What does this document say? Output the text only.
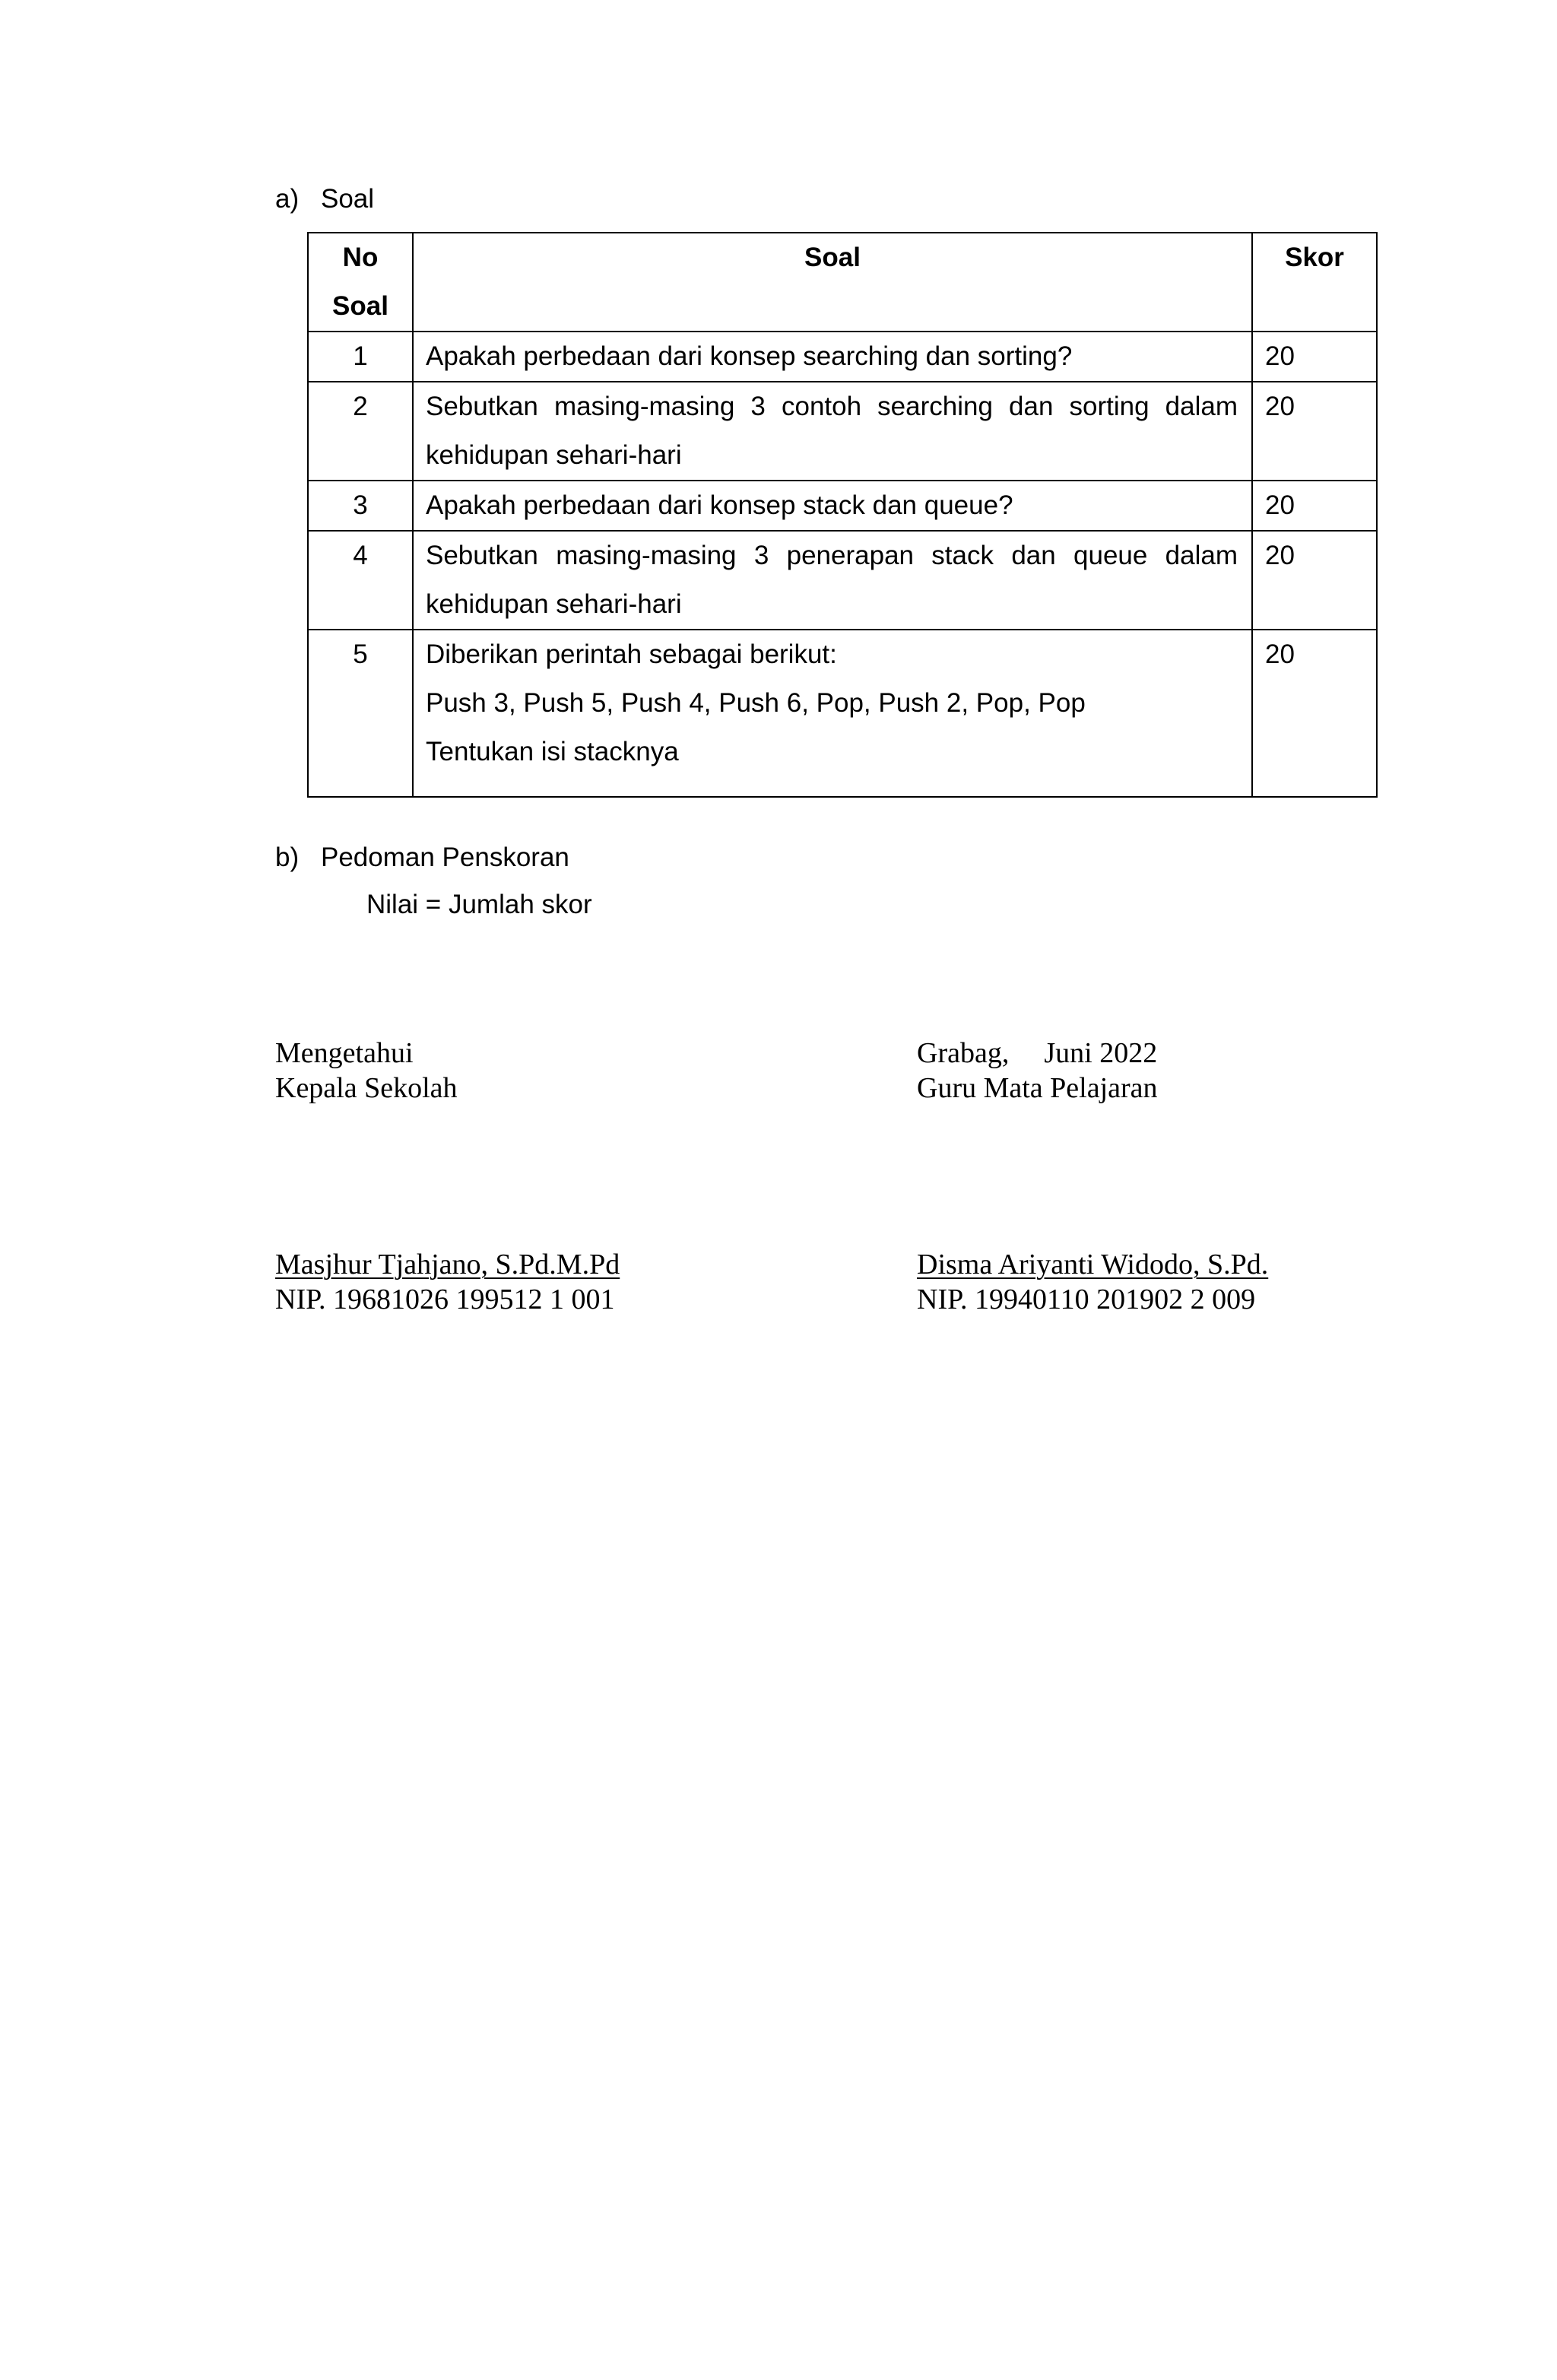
a) Soal
No
Soal	Soal	Skor
1	Apakah perbedaan dari konsep searching dan sorting?	20
2	Sebutkan masing-masing 3 contoh searching dan sorting dalam kehidupan sehari-hari	20
3	Apakah perbedaan dari konsep stack dan queue?	20
4	Sebutkan masing-masing 3 penerapan stack dan queue dalam kehidupan sehari-hari	20
5	Diberikan perintah sebagai berikut:
Push 3, Push 5, Push 4, Push 6, Pop, Push 2, Pop, Pop
Tentukan isi stacknya	20
b) Pedoman Penskoran
Nilai = Jumlah skor
Mengetahui
Kepala Sekolah
Grabag, Juni 2022
Guru Mata Pelajaran
Masjhur Tjahjano, S.Pd.M.Pd
NIP. 19681026 199512 1 001
Disma Ariyanti Widodo, S.Pd.
NIP. 19940110 201902 2 009
